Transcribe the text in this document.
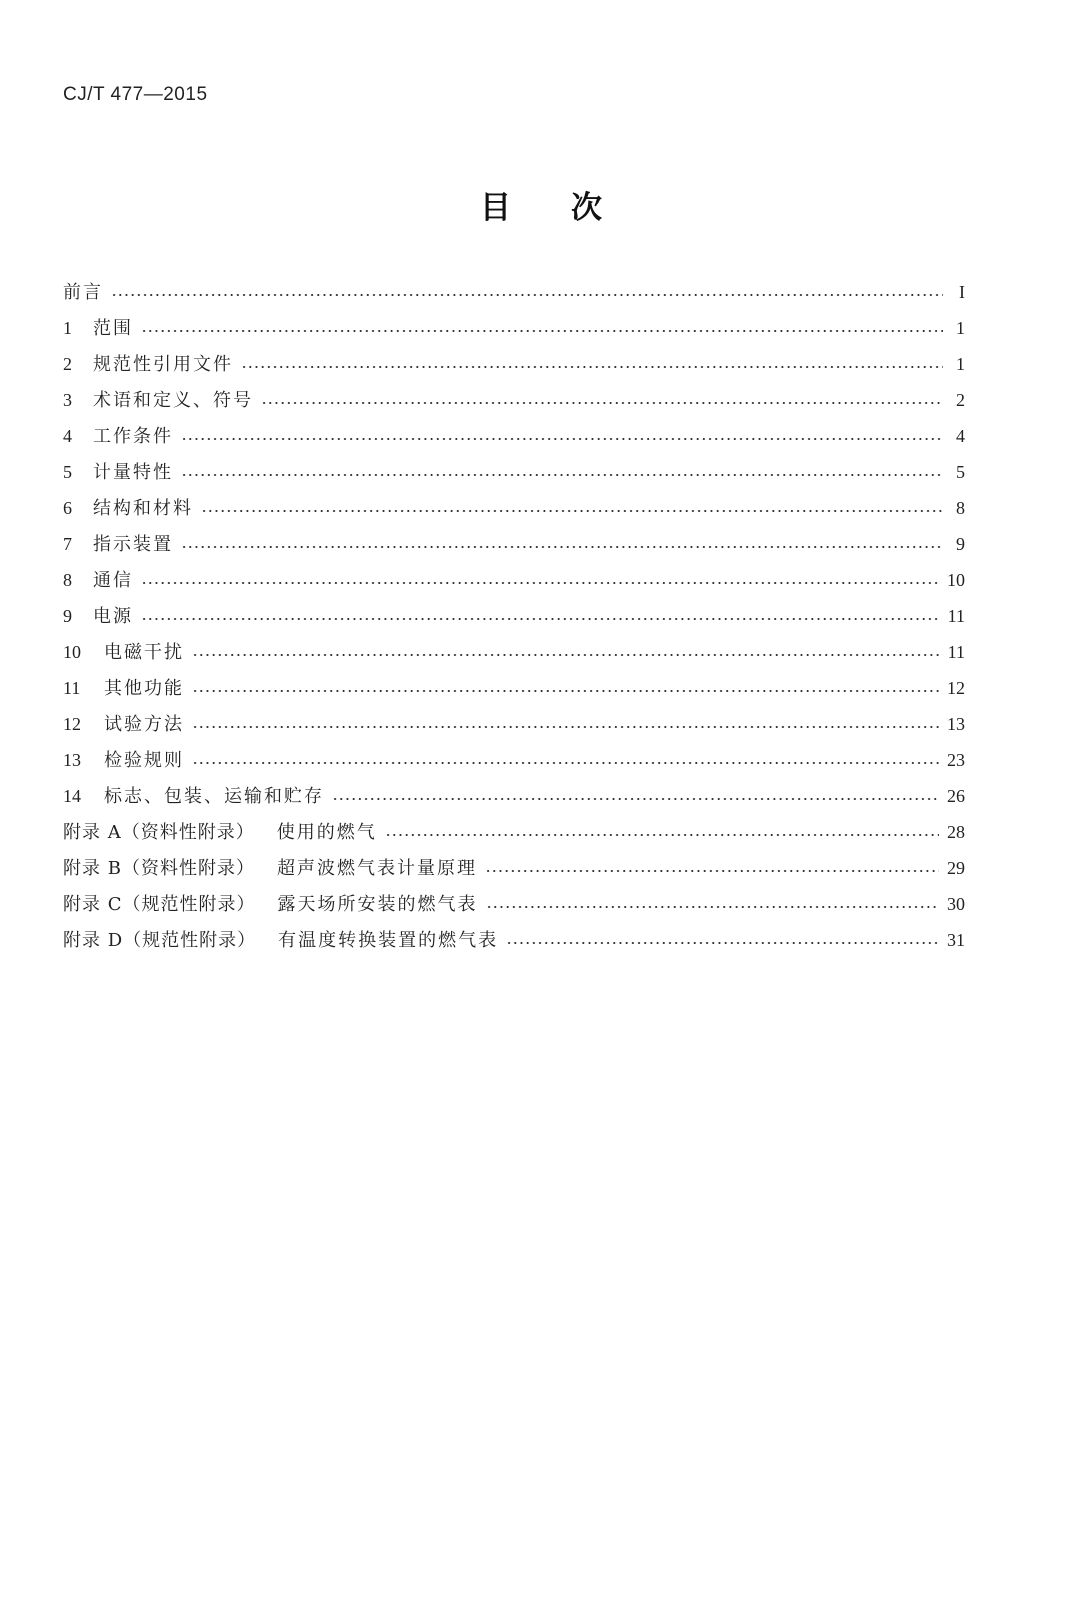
CJ/T 477—2015
目次
前言	I
1	范围	1
2	规范性引用文件	1
3	术语和定义、符号	2
4	工作条件	4
5	计量特性	5
6	结构和材料	8
7	指示装置	9
8	通信	10
9	电源	11
10	电磁干扰	11
11	其他功能	12
12	试验方法	13
13	检验规则	23
14	标志、包装、运输和贮存	26
附录 A（资料性附录） 使用的燃气	28
附录 B（资料性附录） 超声波燃气表计量原理	29
附录 C（规范性附录） 露天场所安装的燃气表	30
附录 D（规范性附录） 有温度转换装置的燃气表	31
